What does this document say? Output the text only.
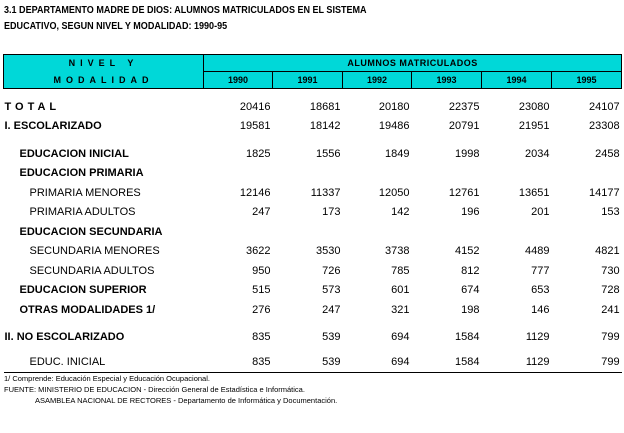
3.1 DEPARTAMENTO MADRE DE DIOS: ALUMNOS MATRICULADOS EN EL SISTEMA
EDUCATIVO, SEGUN NIVEL Y MODALIDAD: 1990-95
NIVEL Y	ALUMNOS MATRICULADOS					
MODALIDAD	1990	1991	1992	1993	1994	1995

TOTAL	20416	18681	20180	22375	23080	24107
I. ESCOLARIZADO	19581	18142	19486	20791	21951	23308

EDUCACION INICIAL	1825	1556	1849	1998	2034	2458
EDUCACION PRIMARIA						
PRIMARIA MENORES	12146	11337	12050	12761	13651	14177
PRIMARIA ADULTOS	247	173	142	196	201	153
EDUCACION SECUNDARIA						
SECUNDARIA MENORES	3622	3530	3738	4152	4489	4821
SECUNDARIA ADULTOS	950	726	785	812	777	730
EDUCACION SUPERIOR	515	573	601	674	653	728
OTRAS MODALIDADES 1/	276	247	321	198	146	241

II. NO ESCOLARIZADO	835	539	694	1584	1129	799

EDUC. INICIAL	835	539	694	1584	1129	799
1/ Comprende: Educación Especial y Educación Ocupacional.
FUENTE: MINISTERIO DE EDUCACION - Dirección General de Estadística e Informática.
ASAMBLEA NACIONAL DE RECTORES - Departamento de Informática y Documentación.
